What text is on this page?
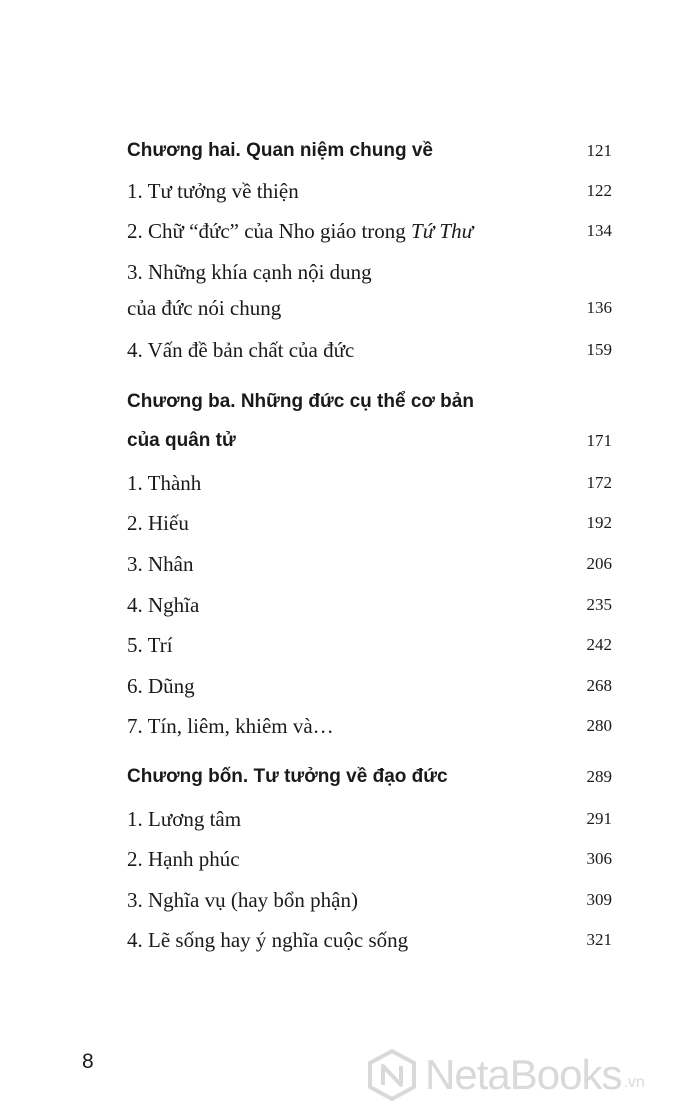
Chương hai. Quan niệm chung về	121
1. Tư tưởng về thiện	122
2. Chữ “đức” của Nho giáo trong Tứ Thư	134
3. Những khía cạnh nội dung
của đức nói chung	136
4. Vấn đề bản chất của đức	159
Chương ba. Những đức cụ thể cơ bản
của quân tử	171
1. Thành	172
2. Hiếu	192
3. Nhân	206
4. Nghĩa	235
5. Trí	242
6. Dũng	268
7. Tín, liêm, khiêm và…	280
Chương bốn. Tư tưởng về đạo đức	289
1. Lương tâm	291
2. Hạnh phúc	306
3. Nghĩa vụ (hay bổn phận)	309
4. Lẽ sống hay ý nghĩa cuộc sống	321
8	NetaBooks .vn
